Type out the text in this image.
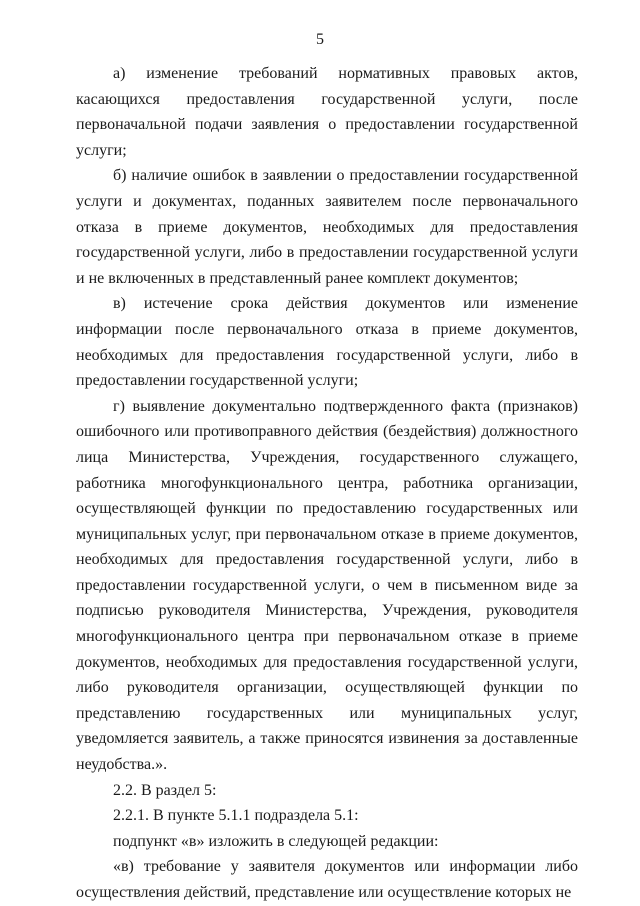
5

а) изменение требований нормативных правовых актов, касающихся предоставления государственной услуги, после первоначальной подачи заявления о предоставлении государственной услуги;

б) наличие ошибок в заявлении о предоставлении государственной услуги и документах, поданных заявителем после первоначального отказа в приеме документов, необходимых для предоставления государственной услуги, либо в предоставлении государственной услуги и не включенных в представленный ранее комплект документов;

в) истечение срока действия документов или изменение информации после первоначального отказа в приеме документов, необходимых для предоставления государственной услуги, либо в предоставлении государственной услуги;

г) выявление документально подтвержденного факта (признаков) ошибочного или противоправного действия (бездействия) должностного лица Министерства, Учреждения, государственного служащего, работника многофункционального центра, работника организации, осуществляющей функции по предоставлению государственных или муниципальных услуг, при первоначальном отказе в приеме документов, необходимых для предоставления государственной услуги, либо в предоставлении государственной услуги, о чем в письменном виде за подписью руководителя Министерства, Учреждения, руководителя многофункционального центра при первоначальном отказе в приеме документов, необходимых для предоставления государственной услуги, либо руководителя организации, осуществляющей функции по представлению государственных или муниципальных услуг, уведомляется заявитель, а также приносятся извинения за доставленные неудобства.».

2.2. В раздел 5:

2.2.1. В пункте 5.1.1 подраздела 5.1:

подпункт «в» изложить в следующей редакции:

«в) требование у заявителя документов или информации либо осуществления действий, представление или осуществление которых не
